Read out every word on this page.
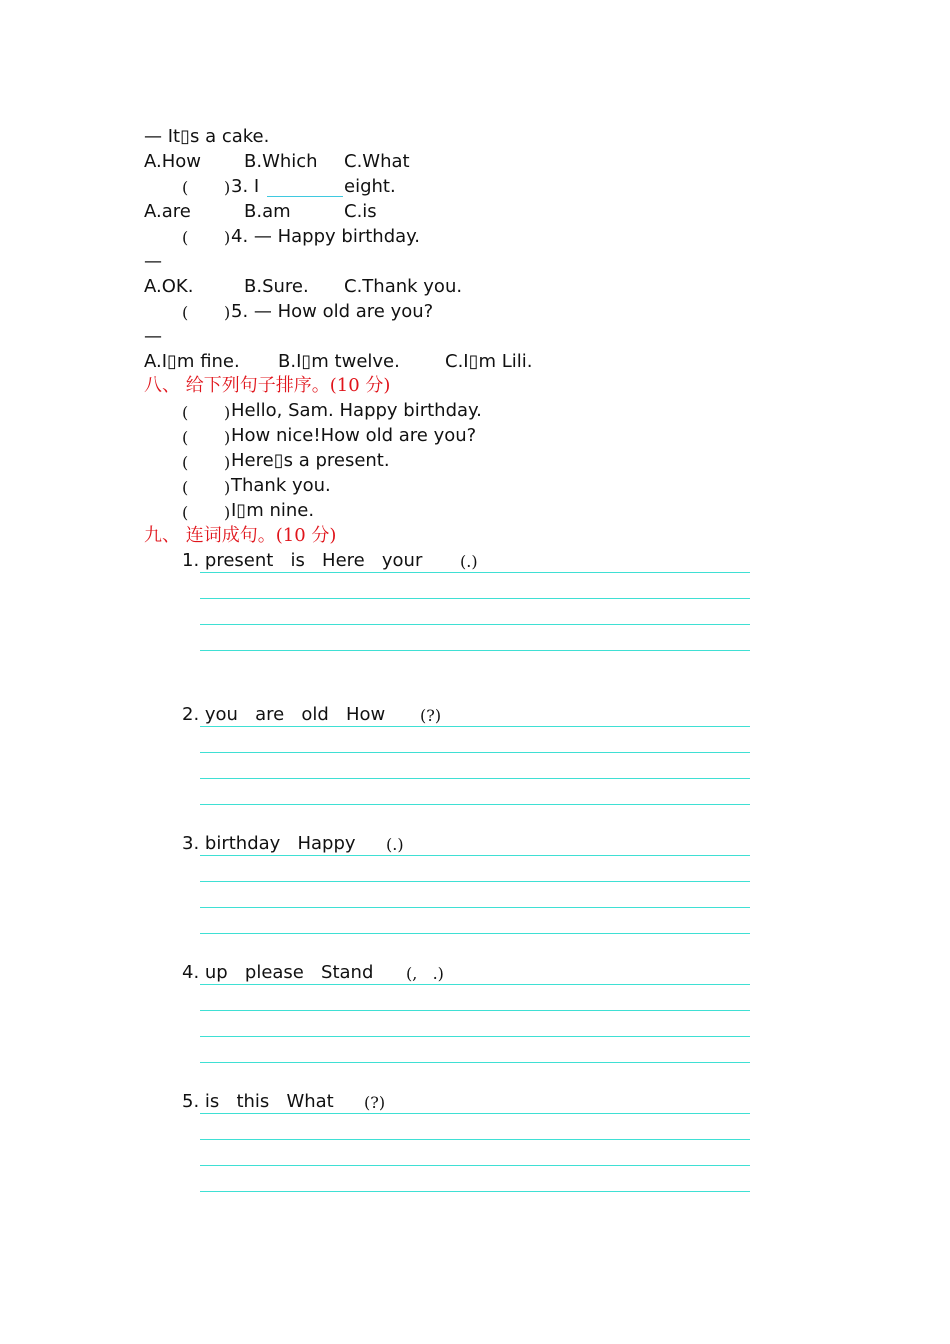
— It▯s a cake.
A.How B.Which C.What
( ) 3. I	eight.
A.are	B.am	C.is
( ) 4. — Happy birthday.
—
A.OK.	B.Sure. C.Thank you.
( ) 5. — How old are you?
—
A.I▯m fine. B.I▯m twelve.	C.I▯m Lili.
八、 给下列句子排序。(10 分)
( ) Hello, Sam. Happy birthday.
( ) How nice!How old are you?
( ) Here▯s a present.
( ) Thank you.
( ) I▯m nine.
九、 连词成句。(10 分)
1. present   is   Here   your (.)
2. you   are   old   How (?)
3. birthday   Happy (.)
4. up   please   Stand (,   .)
5. is   this   What (?)
